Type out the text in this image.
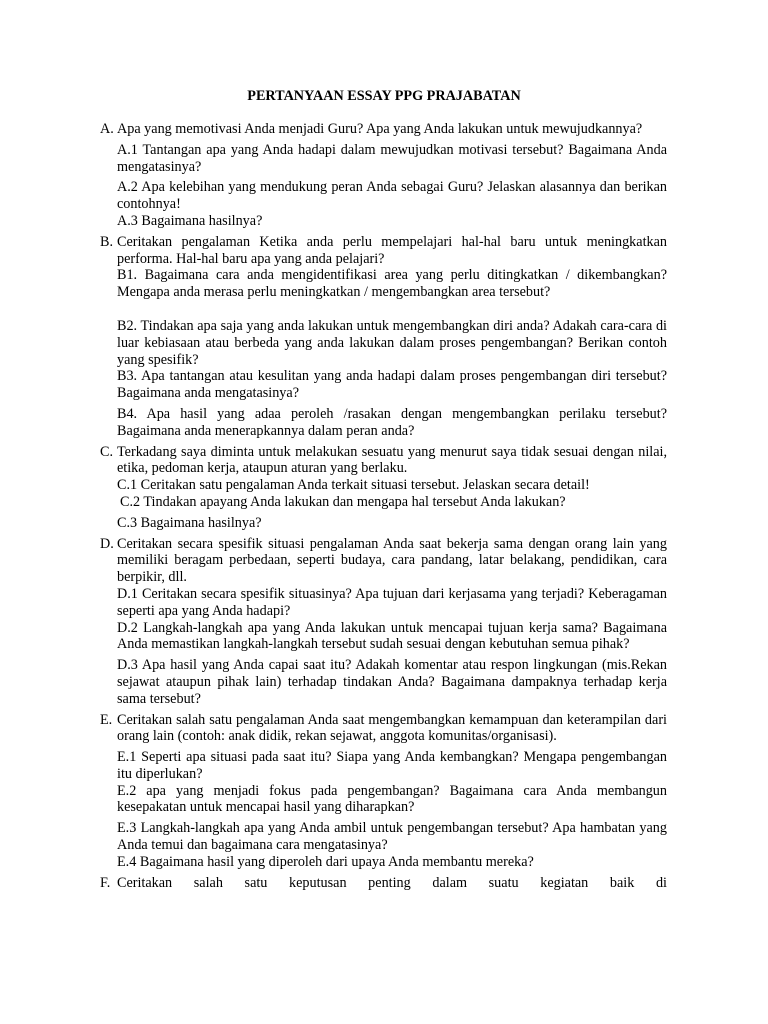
PERTANYAAN ESSAY PPG PRAJABATAN
A. Apa yang memotivasi Anda menjadi Guru? Apa yang Anda lakukan untuk mewujudkannya?

A.1 Tantangan apa yang Anda hadapi dalam mewujudkan motivasi tersebut? Bagaimana Anda mengatasinya?

A.2 Apa kelebihan yang mendukung peran Anda sebagai Guru? Jelaskan alasannya dan berikan contohnya!

A.3 Bagaimana hasilnya?

B. Ceritakan pengalaman Ketika anda perlu mempelajari hal-hal baru untuk meningkatkan performa. Hal-hal baru apa yang anda pelajari?

B1. Bagaimana cara anda mengidentifikasi area yang perlu ditingkatkan / dikembangkan? Mengapa anda merasa perlu meningkatkan / mengembangkan area tersebut?

B2. Tindakan apa saja yang anda lakukan untuk mengembangkan diri anda? Adakah cara-cara di luar kebiasaan atau berbeda yang anda lakukan dalam proses pengembangan? Berikan contoh yang spesifik?

B3. Apa tantangan atau kesulitan yang anda hadapi dalam proses pengembangan diri tersebut? Bagaimana anda mengatasinya?

B4. Apa hasil yang adaa peroleh /rasakan dengan mengembangkan perilaku tersebut? Bagaimana anda menerapkannya dalam peran anda?

C. Terkadang saya diminta untuk melakukan sesuatu yang menurut saya tidak sesuai dengan nilai, etika, pedoman kerja, ataupun aturan yang berlaku.

C.1 Ceritakan satu pengalaman Anda terkait situasi tersebut. Jelaskan secara detail!

C.2 Tindakan apayang Anda lakukan dan mengapa hal tersebut Anda lakukan?

C.3 Bagaimana hasilnya?

D. Ceritakan secara spesifik situasi pengalaman Anda saat bekerja sama dengan orang lain yang memiliki beragam perbedaan, seperti budaya, cara pandang, latar belakang, pendidikan, cara berpikir, dll.

D.1 Ceritakan secara spesifik situasinya? Apa tujuan dari kerjasama yang terjadi? Keberagaman seperti apa yang Anda hadapi?

D.2 Langkah-langkah apa yang Anda lakukan untuk mencapai tujuan kerja sama? Bagaimana Anda memastikan langkah-langkah tersebut sudah sesuai dengan kebutuhan semua pihak?

D.3 Apa hasil yang Anda capai saat itu? Adakah komentar atau respon lingkungan (mis.Rekan sejawat ataupun pihak lain) terhadap tindakan Anda? Bagaimana dampaknya terhadap kerja sama tersebut?

E. Ceritakan salah satu pengalaman Anda saat mengembangkan kemampuan dan keterampilan dari orang lain (contoh: anak didik, rekan sejawat, anggota komunitas/organisasi).

E.1 Seperti apa situasi pada saat itu? Siapa yang Anda kembangkan? Mengapa pengembangan itu diperlukan?

E.2 apa yang menjadi fokus pada pengembangan? Bagaimana cara Anda membangun kesepakatan untuk mencapai hasil yang diharapkan?

E.3 Langkah-langkah apa yang Anda ambil untuk pengembangan tersebut? Apa hambatan yang Anda temui dan bagaimana cara mengatasinya?

E.4 Bagaimana hasil yang diperoleh dari upaya Anda membantu mereka?

F. Ceritakan salah satu keputusan penting dalam suatu kegiatan baik di
